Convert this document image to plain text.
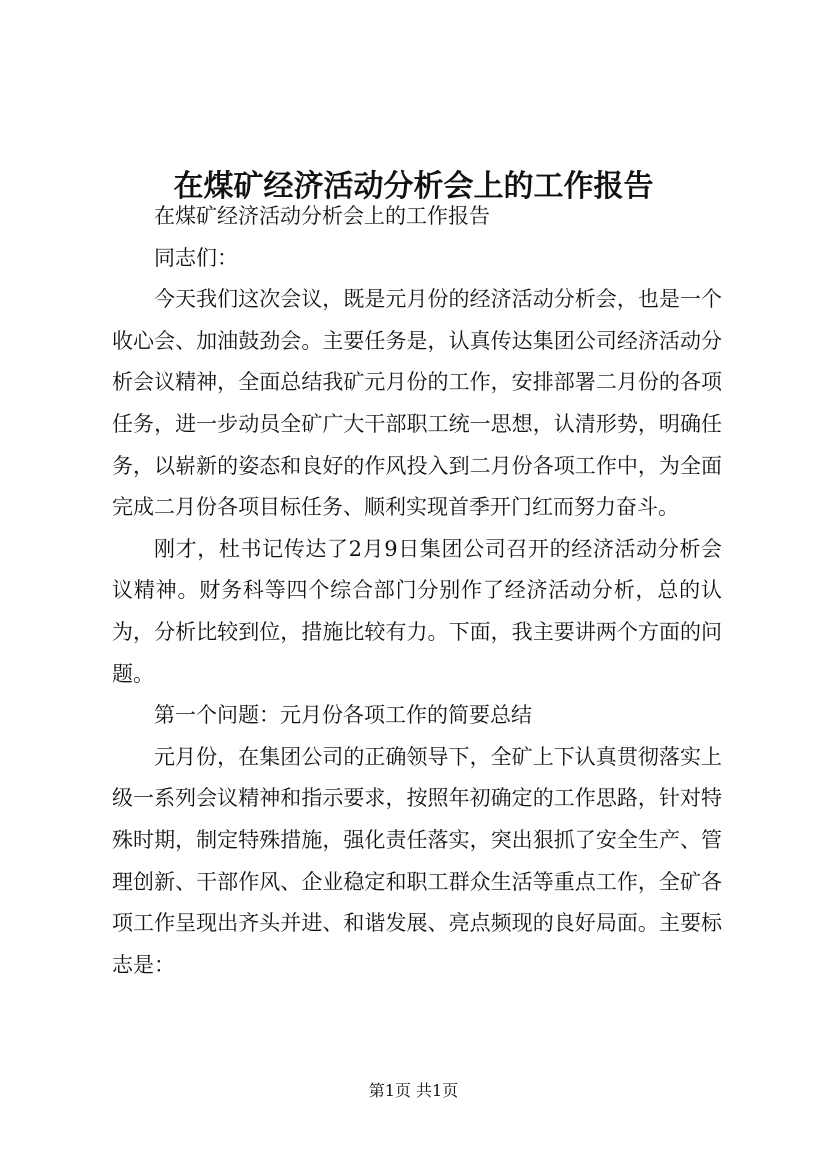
在煤矿经济活动分析会上的工作报告

在煤矿经济活动分析会上的工作报告

同志们：

今天我们这次会议，既是元月份的经济活动分析会，也是一个收心会、加油鼓劲会。主要任务是，认真传达集团公司经济活动分析会议精神，全面总结我矿元月份的工作，安排部署二月份的各项任务，进一步动员全矿广大干部职工统一思想，认清形势，明确任务，以崭新的姿态和良好的作风投入到二月份各项工作中，为全面完成二月份各项目标任务、顺利实现首季开门红而努力奋斗。

刚才，杜书记传达了2月9日集团公司召开的经济活动分析会议精神。财务科等四个综合部门分别作了经济活动分析，总的认为，分析比较到位，措施比较有力。下面，我主要讲两个方面的问题。

第一个问题：元月份各项工作的简要总结

元月份，在集团公司的正确领导下，全矿上下认真贯彻落实上级一系列会议精神和指示要求，按照年初确定的工作思路，针对特殊时期，制定特殊措施，强化责任落实，突出狠抓了安全生产、管理创新、干部作风、企业稳定和职工群众生活等重点工作，全矿各项工作呈现出齐头并进、和谐发展、亮点频现的良好局面。主要标志是：

第1页 共1页
